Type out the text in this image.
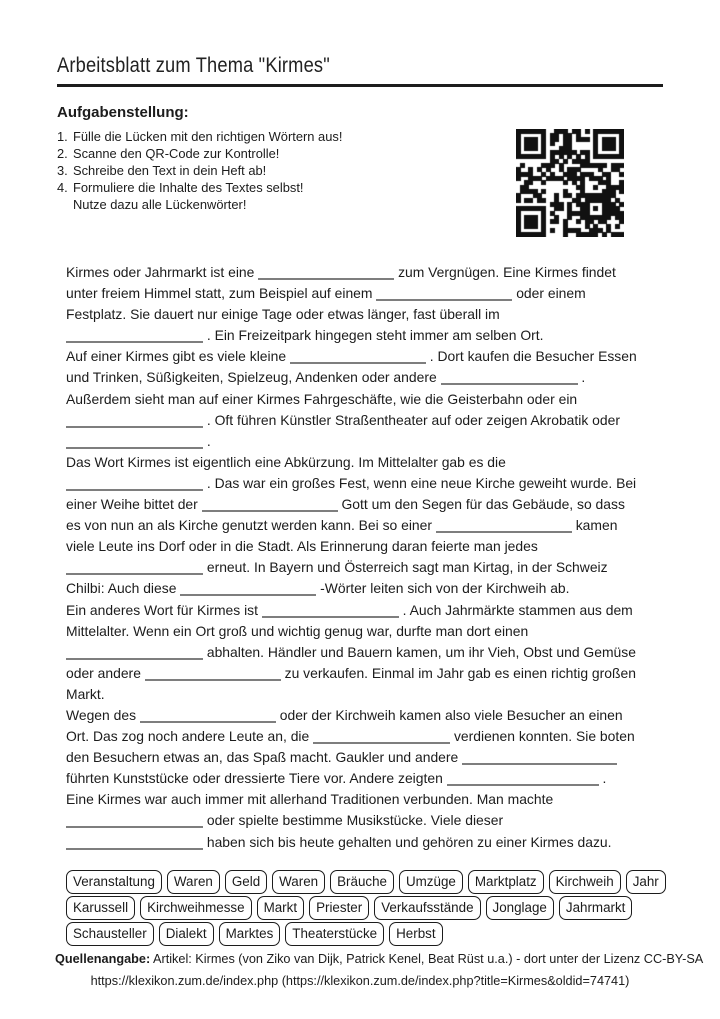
Arbeitsblatt zum Thema "Kirmes"
Aufgabenstellung:
1. Fülle die Lücken mit den richtigen Wörtern aus!
2. Scanne den QR-Code zur Kontrolle!
3. Schreibe den Text in dein Heft ab!
4. Formuliere die Inhalte des Textes selbst!
Nutze dazu alle Lückenwörter!
Kirmes oder Jahrmarkt ist eine	zum Vergnügen. Eine Kirmes findet
unter freiem Himmel statt, zum Beispiel auf einem	oder einem
Festplatz. Sie dauert nur einige Tage oder etwas länger, fast überall im
. Ein Freizeitpark hingegen steht immer am selben Ort.
Auf einer Kirmes gibt es viele kleine	. Dort kaufen die Besucher Essen
und Trinken, Süßigkeiten, Spielzeug, Andenken oder andere	.
Außerdem sieht man auf einer Kirmes Fahrgeschäfte, wie die Geisterbahn oder ein
. Oft führen Künstler Straßentheater auf oder zeigen Akrobatik oder
.
Das Wort Kirmes ist eigentlich eine Abkürzung. Im Mittelalter gab es die
. Das war ein großes Fest, wenn eine neue Kirche geweiht wurde. Bei
einer Weihe bittet der	Gott um den Segen für das Gebäude, so dass
es von nun an als Kirche genutzt werden kann. Bei so einer	kamen
viele Leute ins Dorf oder in die Stadt. Als Erinnerung daran feierte man jedes
erneut. In Bayern und Österreich sagt man Kirtag, in der Schweiz
Chilbi: Auch diese	-Wörter leiten sich von der Kirchweih ab.
Ein anderes Wort für Kirmes ist	. Auch Jahrmärkte stammen aus dem
Mittelalter. Wenn ein Ort groß und wichtig genug war, durfte man dort einen
abhalten. Händler und Bauern kamen, um ihr Vieh, Obst und Gemüse
oder andere	zu verkaufen. Einmal im Jahr gab es einen richtig großen
Markt.
Wegen des	oder der Kirchweih kamen also viele Besucher an einen
Ort. Das zog noch andere Leute an, die	verdienen konnten. Sie boten
den Besuchern etwas an, das Spaß macht. Gaukler und andere
führten Kunststücke oder dressierte Tiere vor. Andere zeigten	.
Eine Kirmes war auch immer mit allerhand Traditionen verbunden. Man machte
oder spielte bestimme Musikstücke. Viele dieser
haben sich bis heute gehalten und gehören zu einer Kirmes dazu.
Veranstaltung	Waren	Geld	Waren	Bräuche	Umzüge	Marktplatz	Kirchweih	Jahr
Karussell	Kirchweihmesse	Markt	Priester	Verkaufsstände	Jonglage	Jahrmarkt
Schausteller	Dialekt	Marktes	Theaterstücke	Herbst
Quellenangabe: Artikel: Kirmes (von Ziko van Dijk, Patrick Kenel, Beat Rüst u.a.) - dort unter der Lizenz CC-BY-SA
https://klexikon.zum.de/index.php (https://klexikon.zum.de/index.php?title=Kirmes&oldid=74741)
